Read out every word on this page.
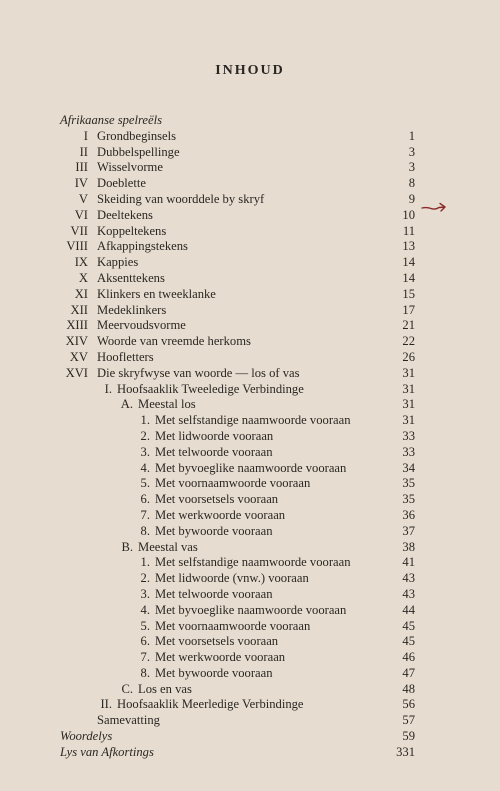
INHOUD
Afrikaanse spelreëls
I Grondbeginsels	1
II Dubbelspellinge	3
III Wisselvorme	3
IV Doeblette	8
V Skeiding van woorddele by skryf	9
VI Deeltekens	10
VII Koppeltekens	11
VIII Afkappingstekens	13
IX Kappies	14
X Aksenttekens	14
XI Klinkers en tweeklanke	15
XII Medeklinkers	17
XIII Meervoudsvorme	21
XIV Woorde van vreemde herkoms	22
XV Hoofletters	26
XVI Die skryfwyse van woorde — los of vas	31
I. Hoofsaaklik Tweeledige Verbindinge	31
A. Meestal los	31
1. Met selfstandige naamwoorde vooraan	31
2. Met lidwoorde vooraan	33
3. Met telwoorde vooraan	33
4. Met byvoeglike naamwoorde vooraan	34
5. Met voornaamwoorde vooraan	35
6. Met voorsetsels vooraan	35
7. Met werkwoorde vooraan	36
8. Met bywoorde vooraan	37
B. Meestal vas	38
1. Met selfstandige naamwoorde vooraan	41
2. Met lidwoorde (vnw.) vooraan	43
3. Met telwoorde vooraan	43
4. Met byvoeglike naamwoorde vooraan	44
5. Met voornaamwoorde vooraan	45
6. Met voorsetsels vooraan	45
7. Met werkwoorde vooraan	46
8. Met bywoorde vooraan	47
C. Los en vas	48
II. Hoofsaaklik Meerledige Verbindinge	56
Samevatting	57
Woordelys	59
Lys van Afkortings	331
